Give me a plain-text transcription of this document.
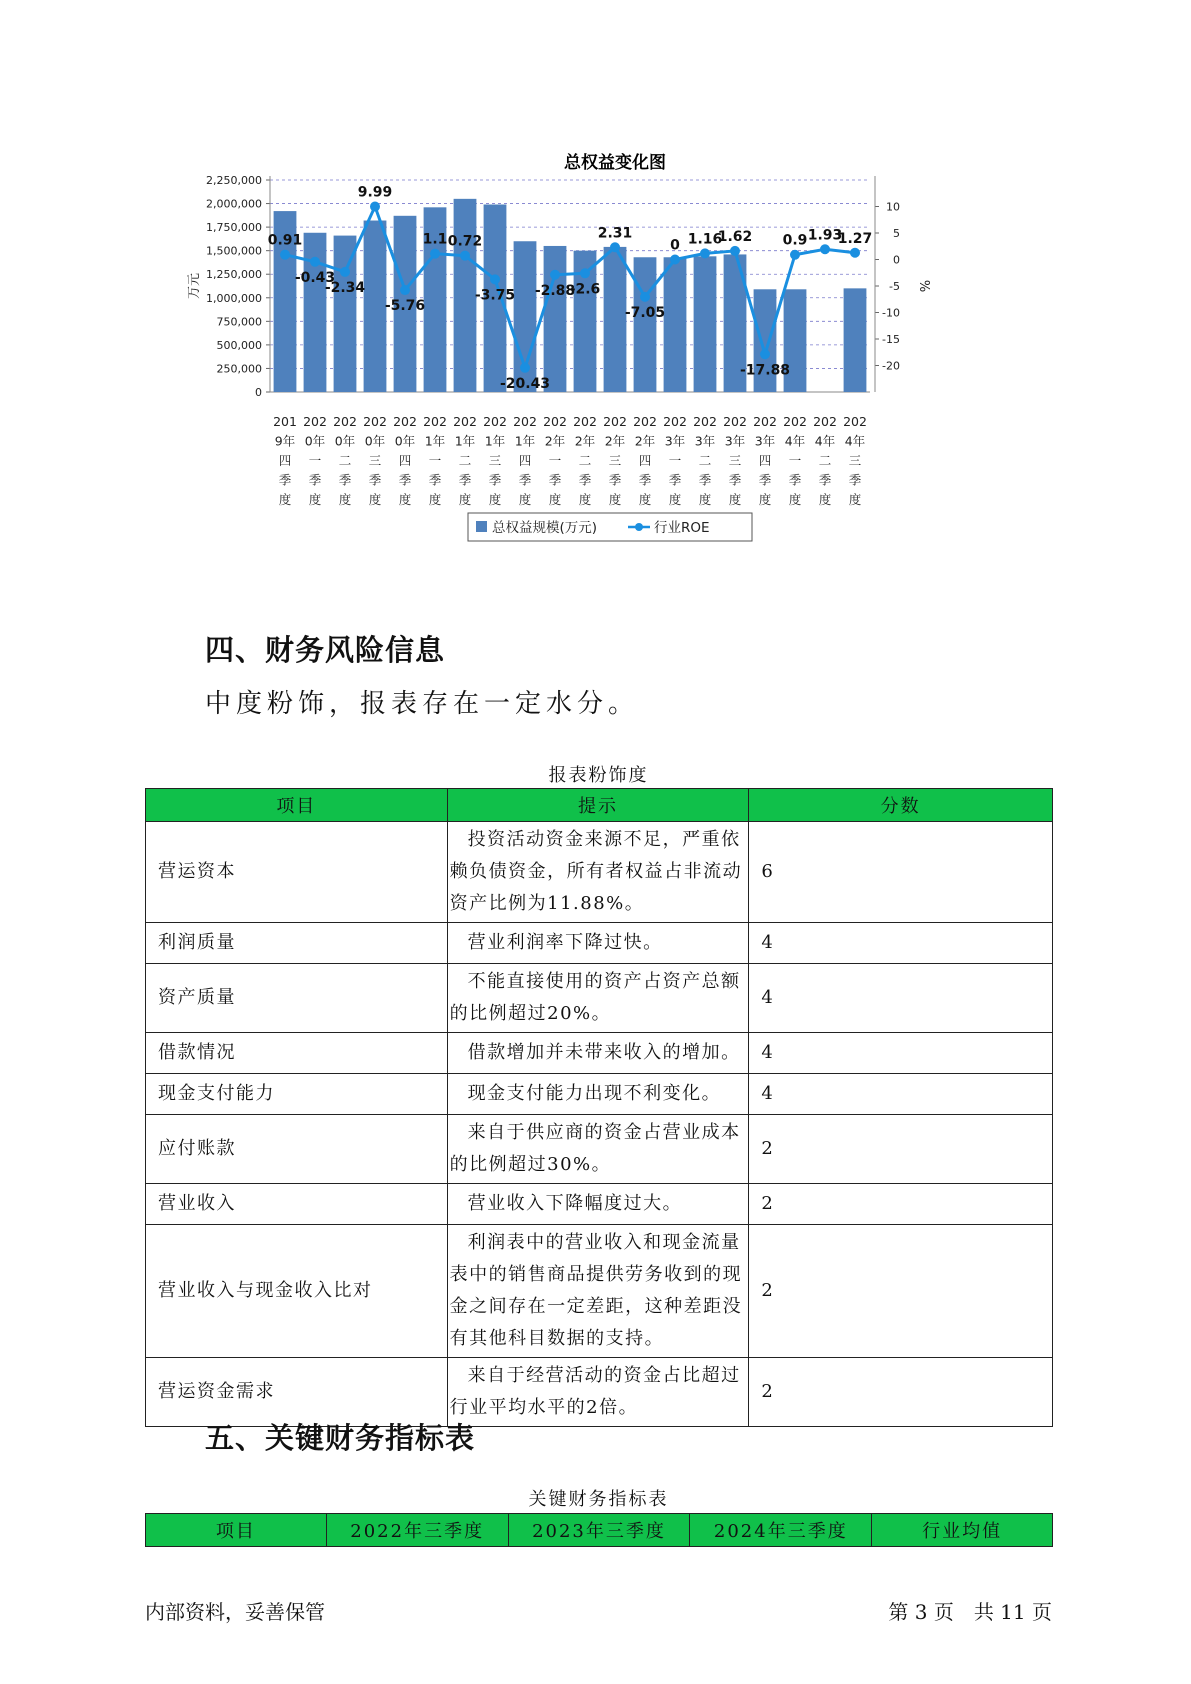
总权益变化图
0
250,000
500,000
750,000
1,000,000
1,250,000
1,500,000
1,750,000
2,000,000
2,250,000
-20
-15
-10
-5
0
5
10
万元	%
201
9年
四
季
度
202
0年
一
季
度
202
0年
二
季
度
202
0年
三
季
度
202
0年
四
季
度
202
1年
一
季
度
202
1年
二
季
度
202
1年
三
季
度
202
1年
四
季
度
202
2年
一
季
度
202
2年
二
季
度
202
2年
三
季
度
202
2年
四
季
度
202
3年
一
季
度
202
3年
二
季
度
202
3年
三
季
度
202
3年
四
季
度
202
4年
一
季
度
202
4年
二
季
度
202
4年
三
季
度
0.91
-0.43
-2.34
9.99
-5.76
1.1 0.72
-3.75
-20.43
-2.88
-2.6
2.31
-7.05
0 1.16
1.62
-17.88
0.9 1.93
1.27
总权益规模(万元)	行业ROE
四、财务风险信息

中度粉饰，报表存在一定水分。

报表粉饰度
项目	提示	分数
营运资本	投资活动资金来源不足，严重依赖负债资金，所有者权益占非流动资产比例为11.88%。	6
利润质量	营业利润率下降过快。	4
资产质量	不能直接使用的资产占资产总额的比例超过20%。	4
借款情况	借款增加并未带来收入的增加。	4
现金支付能力	现金支付能力出现不利变化。	4
应付账款	来自于供应商的资金占营业成本的比例超过30%。	2
营业收入	营业收入下降幅度过大。	2
营业收入与现金收入比对	利润表中的营业收入和现金流量表中的销售商品提供劳务收到的现金之间存在一定差距，这种差距没有其他科目数据的支持。	2
营运资金需求	来自于经营活动的资金占比超过行业平均水平的2倍。	2
五、关键财务指标表
关键财务指标表
项目	2022年三季度	2023年三季度	2024年三季度	行业均值
内部资料，妥善保管	第 3 页　共 11 页
